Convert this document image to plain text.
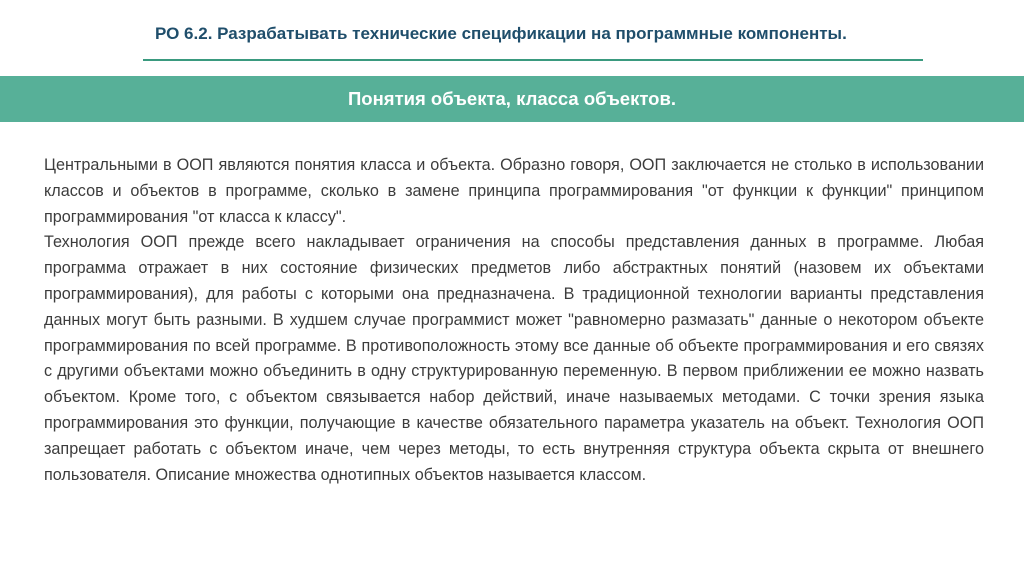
РО 6.2. Разрабатывать технические спецификации на программные компоненты.
Понятия объекта, класса объектов.

Центральными в ООП являются понятия класса и объекта. Образно говоря, ООП заключается не столько в использовании классов и объектов в программе, сколько в замене принципа программирования "от функции к функции" принципом программирования "от класса к классу".

Технология ООП прежде всего накладывает ограничения на способы представления данных в программе. Любая программа отражает в них состояние физических предметов либо абстрактных понятий (назовем их объектами программирования), для работы с которыми она предназначена. В традиционной технологии варианты представления данных могут быть разными. В худшем случае программист может "равномерно размазать" данные о некотором объекте программирования по всей программе. В противоположность этому все данные об объекте программирования и его связях с другими объектами можно объединить в одну структурированную переменную. В первом приближении ее можно назвать объектом. Кроме того, с объектом связывается набор действий, иначе называемых методами. С точки зрения языка программирования это функции, получающие в качестве обязательного параметра указатель на объект. Технология ООП запрещает работать с объектом иначе, чем через методы, то есть внутренняя структура объекта скрыта от внешнего пользователя. Описание множества однотипных объектов называется классом.
